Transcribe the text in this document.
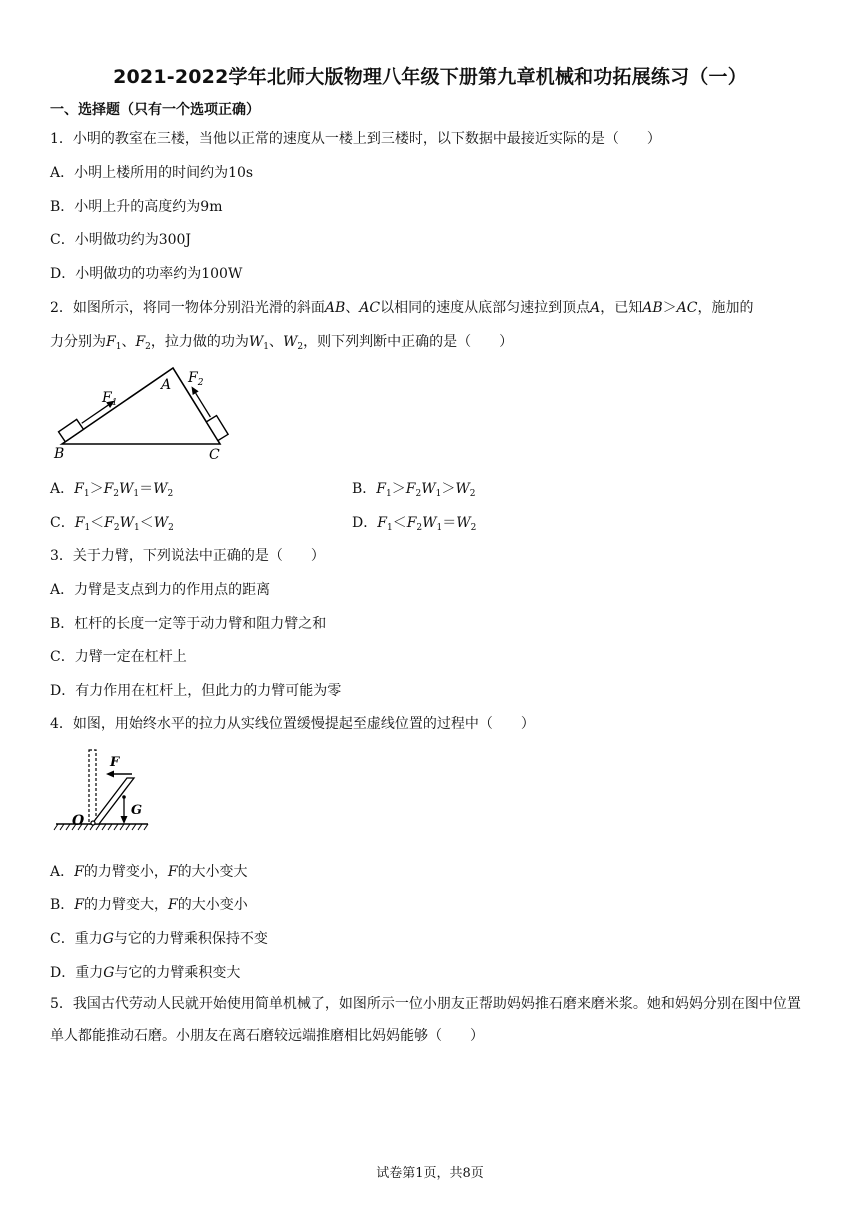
2021-2022学年北师大版物理八年级下册第九章机械和功拓展练习（一）
一、选择题（只有一个选项正确）
1．小明的教室在三楼，当他以正常的速度从一楼上到三楼时，以下数据中最接近实际的是（　　）
A．小明上楼所用的时间约为10s
B．小明上升的高度约为9m
C．小明做功约为300J
D．小明做功的功率约为100W
2．如图所示，将同一物体分别沿光滑的斜面AB、AC以相同的速度从底部匀速拉到顶点A，已知AB＞AC，施加的
力分别为$F_1$、$F_2$，拉力做的功为$W_1$、$W_2$，则下列判断中正确的是（　　）
A
B	C
$F_1$
$F_2$
A．$F_1>F_2W_1=W_2$	B．$F_1>F_2W_1>W_2$
C．$F_1<F_2W_1<W_2$	D．$F_1<F_2W_1=W_2$
3．关于力臂，下列说法中正确的是（　　）
A．力臂是支点到力的作用点的距离
B．杠杆的长度一定等于动力臂和阻力臂之和
C．力臂一定在杠杆上
D．有力作用在杠杆上，但此力的力臂可能为零
4．如图，用始终水平的拉力从实线位置缓慢提起至虚线位置的过程中（　　）
F
G
O
A．F的力臂变小，F的大小变大
B．F的力臂变大，F的大小变小
C．重力G与它的力臂乘积保持不变
D．重力G与它的力臂乘积变大
5．我国古代劳动人民就开始使用简单机械了，如图所示一位小朋友正帮助妈妈推石磨来磨米浆。她和妈妈分别在图中位置单人都能推动石磨。小朋友在离石磨较远端推磨相比妈妈能够（　　）
试卷第1页，共8页
